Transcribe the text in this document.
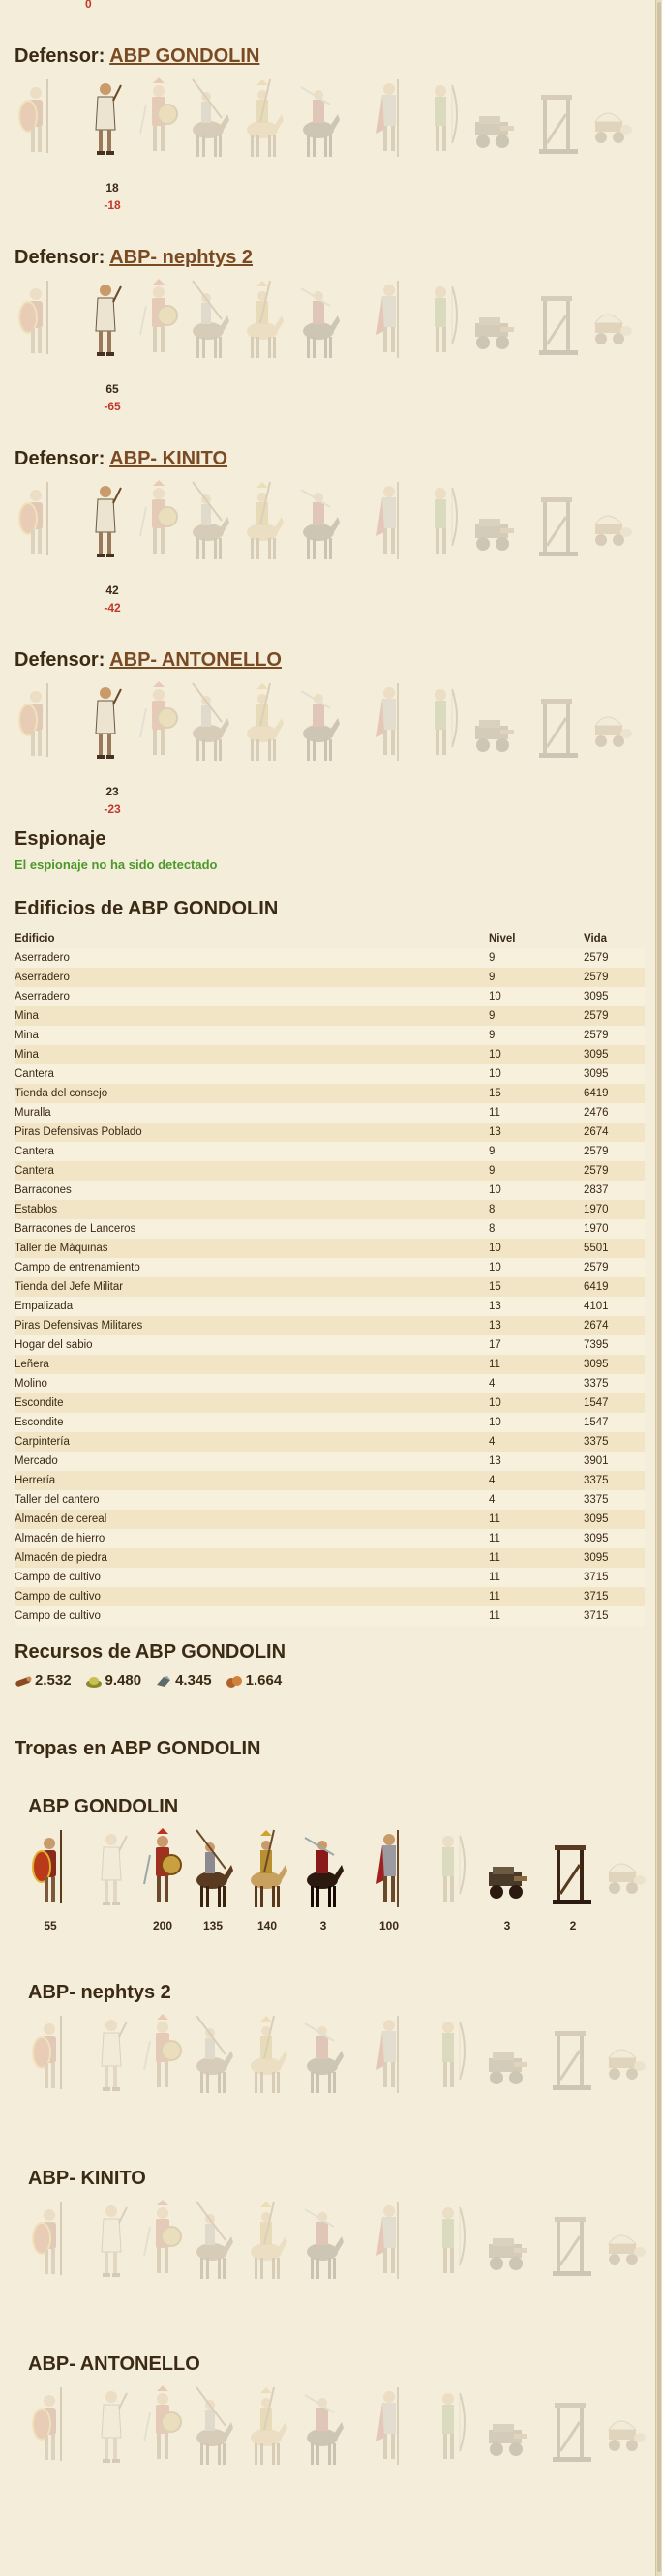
0
Defensor: ABP GONDOLIN
18
-18
Defensor: ABP- nephtys 2
65
-65
Defensor: ABP- KINITO
42
-42
Defensor: ABP- ANTONELLO
23
-23
Espionaje
El espionaje no ha sido detectado
Edificios de ABP GONDOLIN
Edificio	Nivel	Vida
Aserradero	9	2579
Aserradero	9	2579
Aserradero	10	3095
Mina	9	2579
Mina	9	2579
Mina	10	3095
Cantera	10	3095
Tienda del consejo	15	6419
Muralla	11	2476
Piras Defensivas Poblado	13	2674
Cantera	9	2579
Cantera	9	2579
Barracones	10	2837
Establos	8	1970
Barracones de Lanceros	8	1970
Taller de Máquinas	10	5501
Campo de entrenamiento	10	2579
Tienda del Jefe Militar	15	6419
Empalizada	13	4101
Piras Defensivas Militares	13	2674
Hogar del sabio	17	7395
Leñera	11	3095
Molino	4	3375
Escondite	10	1547
Escondite	10	1547
Carpintería	4	3375
Mercado	13	3901
Herrería	4	3375
Taller del cantero	4	3375
Almacén de cereal	11	3095
Almacén de hierro	11	3095
Almacén de piedra	11	3095
Campo de cultivo	11	3715
Campo de cultivo	11	3715
Campo de cultivo	11	3715
Recursos de ABP GONDOLIN
2.532 9.480 4.345 1.664
Tropas en ABP GONDOLIN
ABP GONDOLIN
55	200	135	140	3	100	3	2
ABP- nephtys 2
ABP- KINITO
ABP- ANTONELLO
